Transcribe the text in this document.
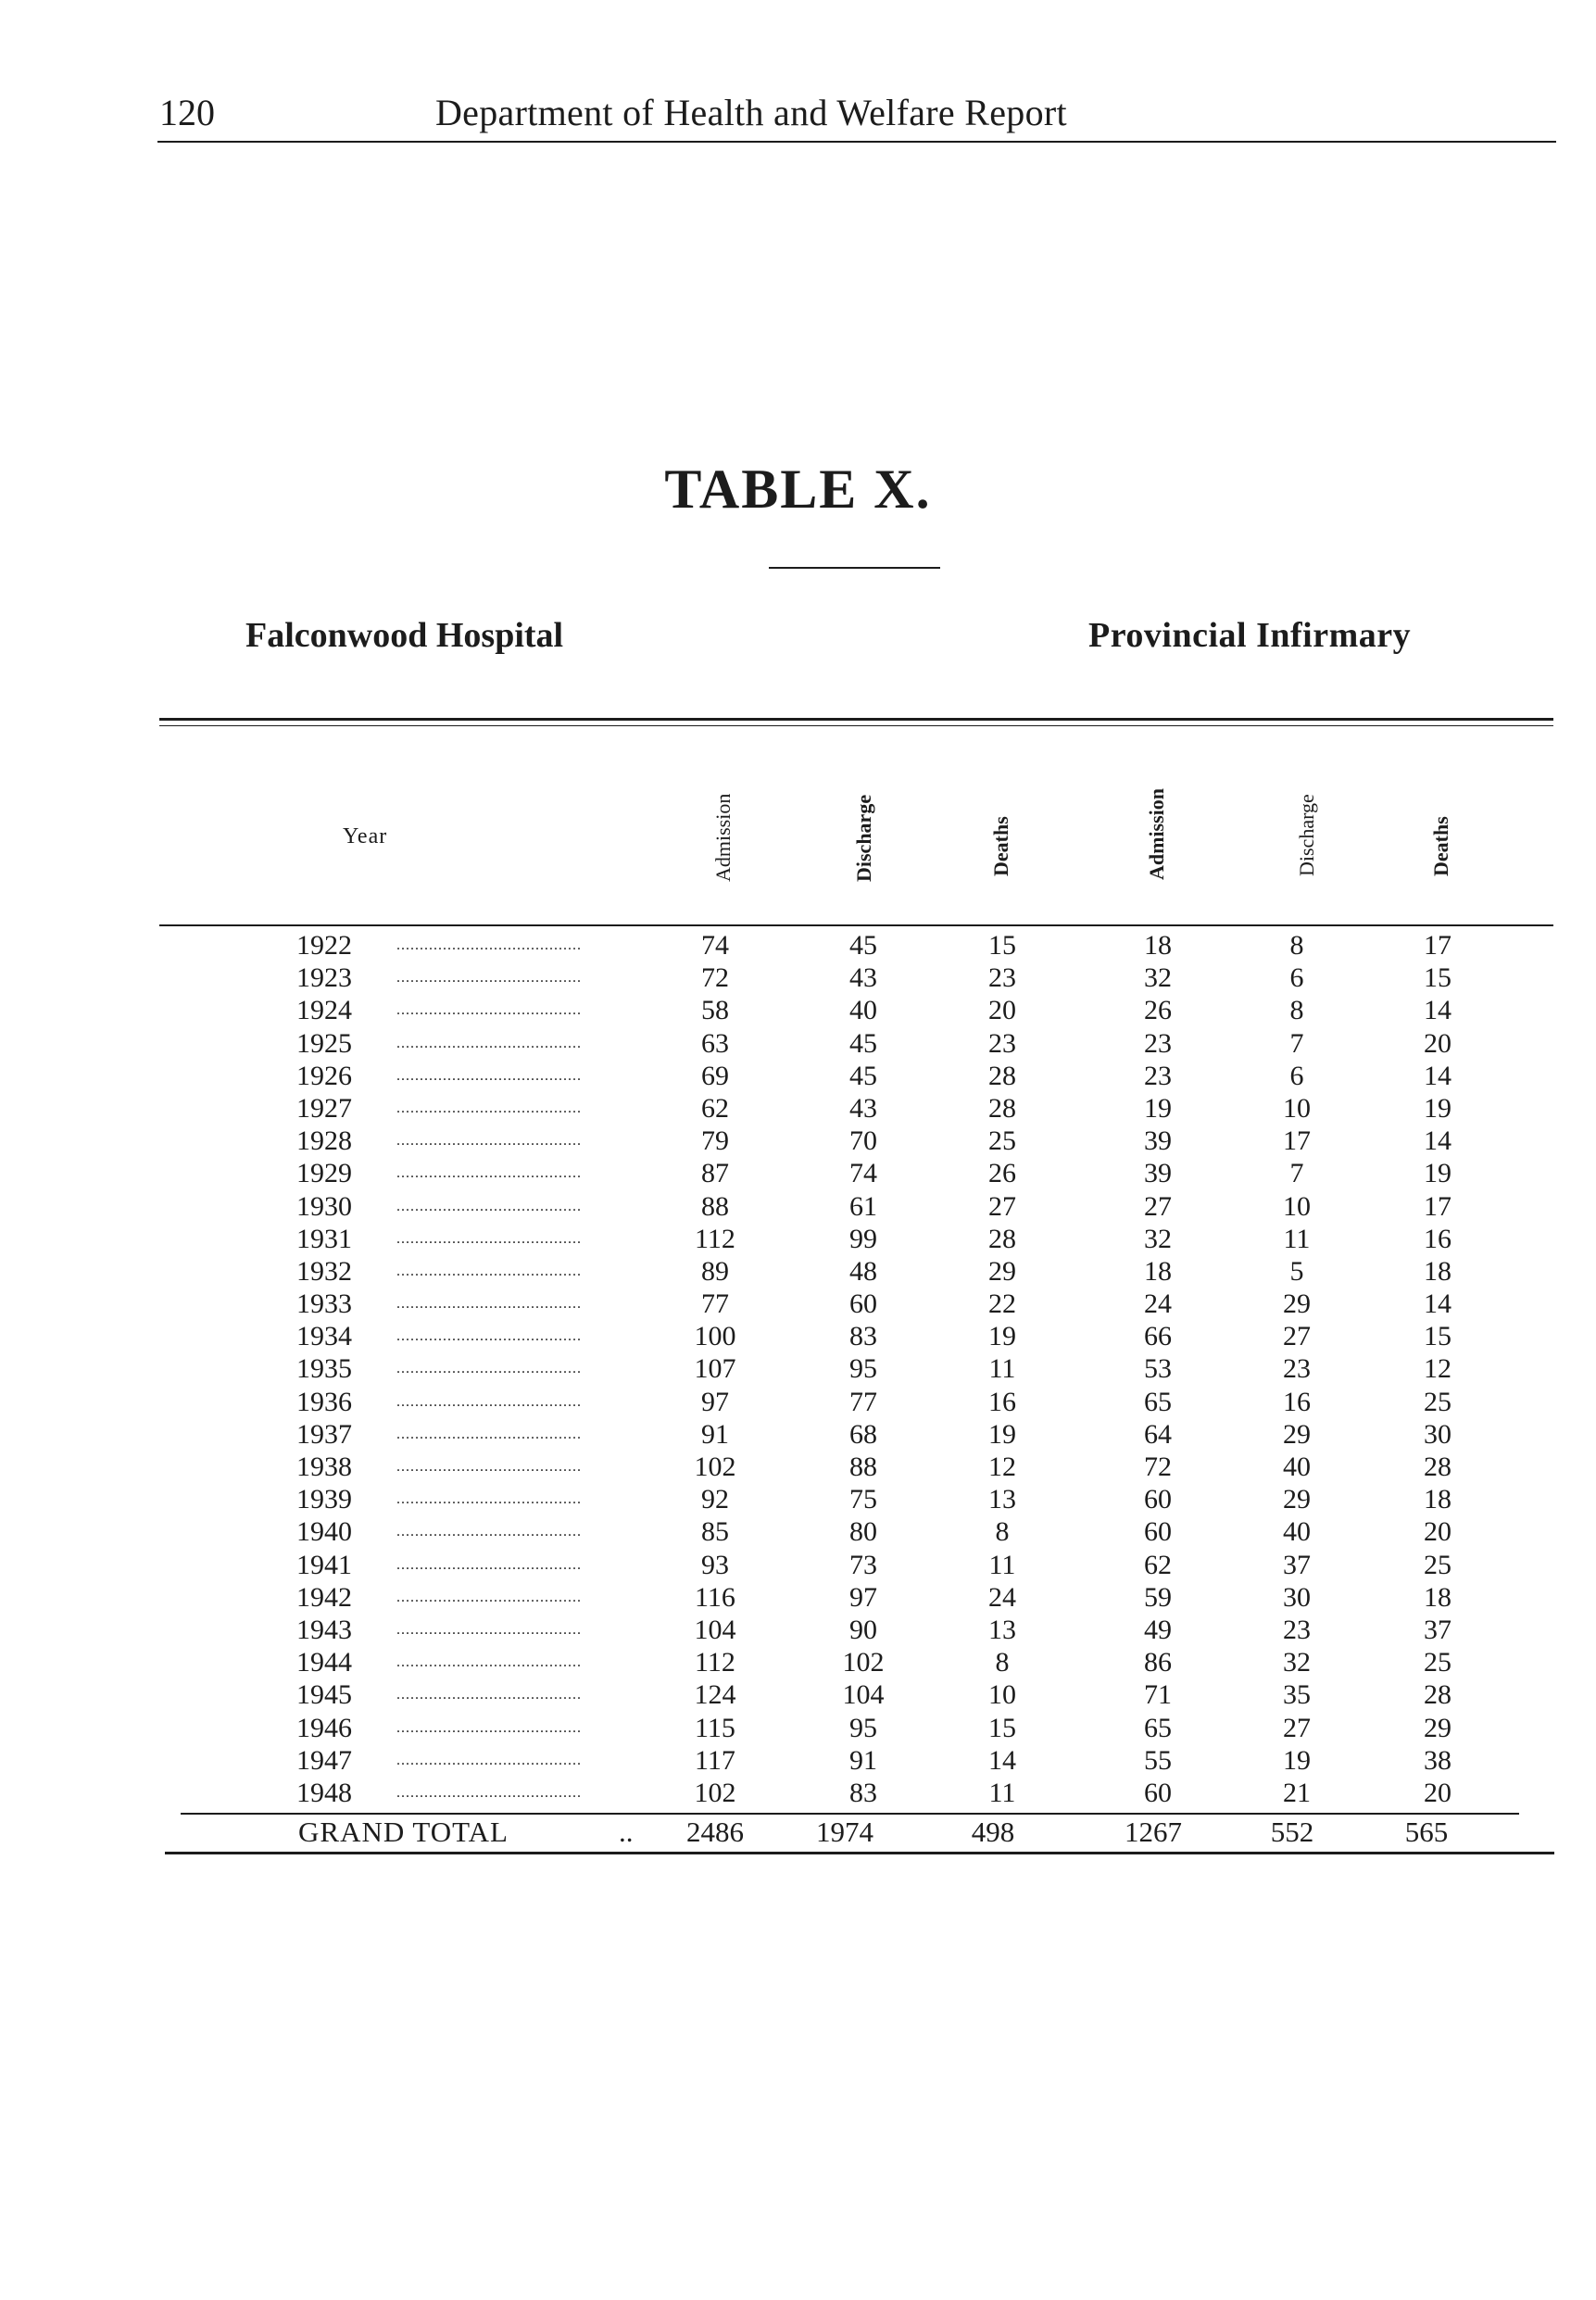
120	Department of Health and Welfare Report
TABLE X.
Falconwood Hospital	Provincial Infirmary
Year	Admission	Discharge	Deaths	Admission	Discharge	Deaths
1922	........................................	74	45	15	18	8	17
1923	........................................	72	43	23	32	6	15
1924	........................................	58	40	20	26	8	14
1925	........................................	63	45	23	23	7	20
1926	........................................	69	45	28	23	6	14
1927	........................................	62	43	28	19	10	19
1928	........................................	79	70	25	39	17	14
1929	........................................	87	74	26	39	7	19
1930	........................................	88	61	27	27	10	17
1931	........................................	112	99	28	32	11	16
1932	........................................	89	48	29	18	5	18
1933	........................................	77	60	22	24	29	14
1934	........................................	100	83	19	66	27	15
1935	........................................	107	95	11	53	23	12
1936	........................................	97	77	16	65	16	25
1937	........................................	91	68	19	64	29	30
1938	........................................	102	88	12	72	40	28
1939	........................................	92	75	13	60	29	18
1940	........................................	85	80	8	60	40	20
1941	........................................	93	73	11	62	37	25
1942	........................................	116	97	24	59	30	18
1943	........................................	104	90	13	49	23	37
1944	........................................	112	102	8	86	32	25
1945	........................................	124	104	10	71	35	28
1946	........................................	115	95	15	65	27	29
1947	........................................	117	91	14	55	19	38
1948	........................................	102	83	11	60	21	20
GRAND TOTAL	..	2486	1974	498	1267	552	565
